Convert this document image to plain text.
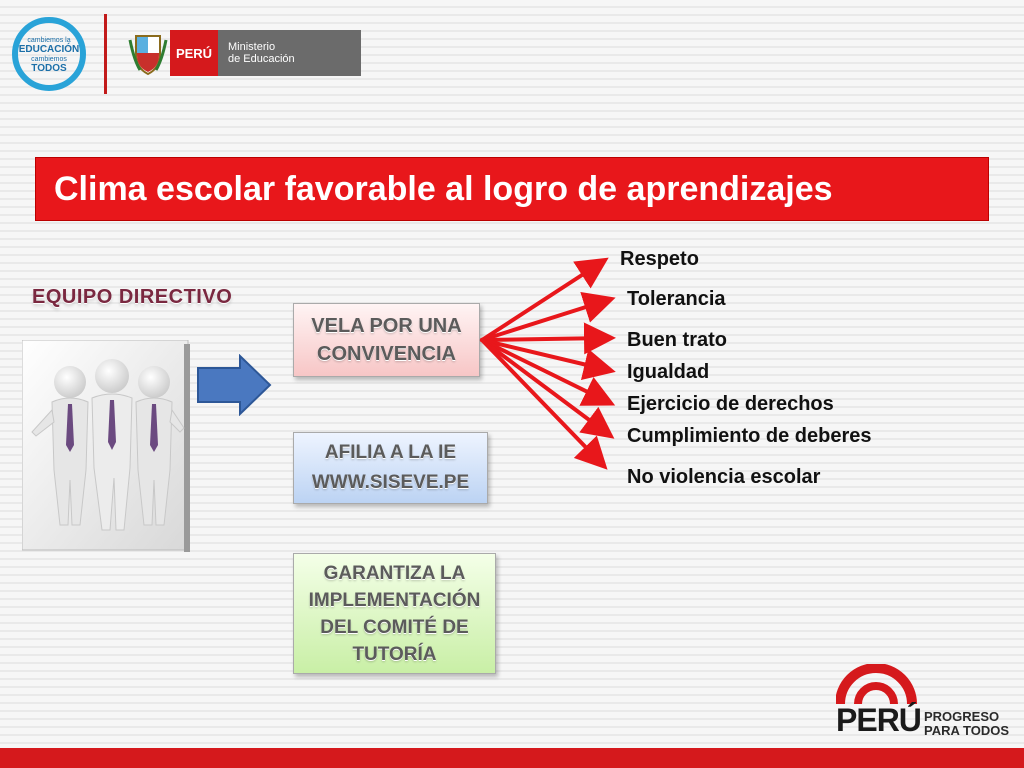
cambiemos la
EDUCACIÓN
cambiemos
TODOS
PERÚ	Ministerio
de Educación
Clima escolar favorable al logro de aprendizajes
EQUIPO DIRECTIVO
VELA POR UNA
CONVIVENCIA
AFILIA A LA IE
WWW.SISEVE.PE
GARANTIZA LA
IMPLEMENTACIÓN
DEL COMITÉ DE
TUTORÍA
Respeto
Tolerancia
Buen trato
Igualdad
Ejercicio de derechos
Cumplimiento de deberes
No violencia escolar
PERÚ PROGRESO
PARA TODOS
